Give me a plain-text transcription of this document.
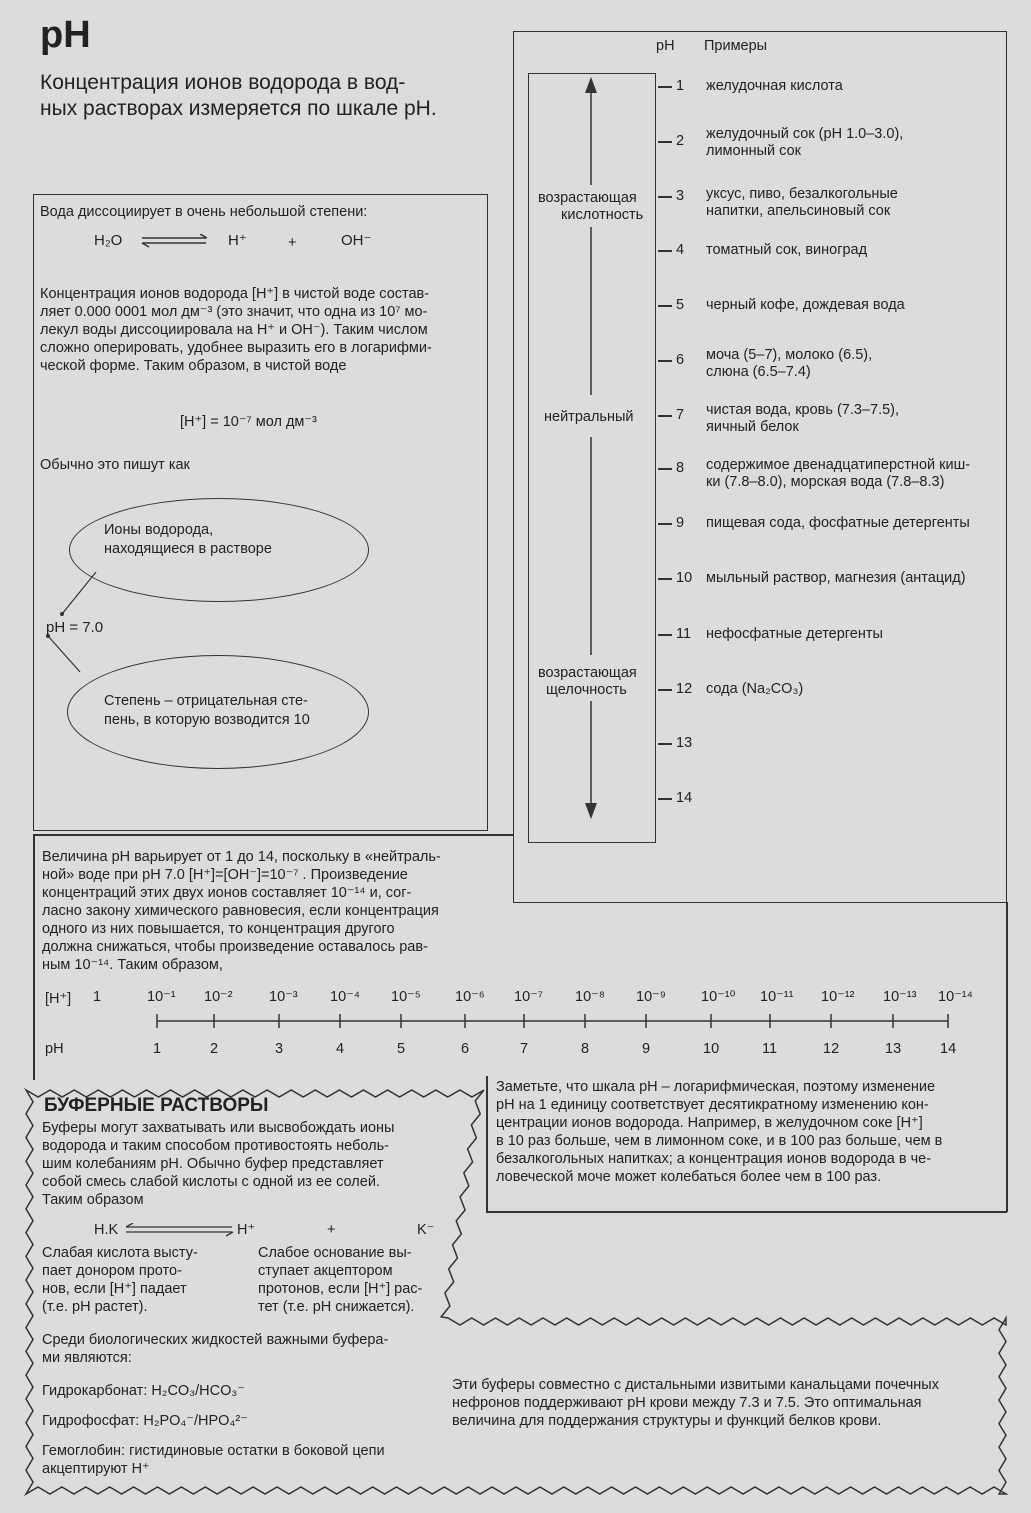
pH
Концентрация ионов водорода в вод-
ных растворах измеряется по шкале pH.
Вода диссоциирует в очень небольшой степени:
H₂O	H⁺	+	OH⁻
Концентрация ионов водорода [H⁺] в чистой воде состав-
ляет 0.000 0001 мол дм⁻³ (это значит, что одна из 10⁷ мо-
лекул воды диссоциировала на H⁺ и OH⁻). Таким числом
сложно оперировать, удобнее выразить его в логарифми-
ческой форме. Таким образом, в чистой воде
[H⁺] = 10⁻⁷ мол дм⁻³
Обычно это пишут как
Ионы водорода,
находящиеся в растворе
pH = 7.0
Степень – отрицательная сте-
пень, в которую возводится 10
pH Примеры
возрастающая
кислотность
нейтральный
возрастающая
щелочность
1 желудочная кислота
2 желудочный сок (pH 1.0–3.0),
лимонный сок
3 уксус, пиво, безалкогольные
напитки, апельсиновый сок
4 томатный сок, виноград
5 черный кофе, дождевая вода
6 моча (5–7), молоко (6.5),
слюна (6.5–7.4)
7 чистая вода, кровь (7.3–7.5),
яичный белок
8 содержимое двенадцатиперстной киш-
ки (7.8–8.0), морская вода (7.8–8.3)
9 пищевая сода, фосфатные детергенты
10 мыльный раствор, магнезия (антацид)
11 нефосфатные детергенты
12 сода (Na₂CO₃)
13
14
Величина pH варьирует от 1 до 14, поскольку в «нейтраль-
ной» воде при pH 7.0 [H⁺]=[OH⁻]=10⁻⁷ . Произведение
концентраций этих двух ионов составляет 10⁻¹⁴ и, сог-
ласно закону химического равновесия, если концентрация
одного из них повышается, то концентрация другого
должна снижаться, чтобы произведение оставалось рав-
ным 10⁻¹⁴. Таким образом,
[H⁺]
pH
1	10⁻¹ 10⁻²	10⁻³ 10⁻⁴ 10⁻⁵ 10⁻⁶ 10⁻⁷ 10⁻⁸ 10⁻⁹ 10⁻¹⁰ 10⁻¹¹ 10⁻¹² 10⁻¹³ 10⁻¹⁴
1	2	3	4	5	6	7	8	9	10	11	12	13	14
Заметьте, что шкала pH – логарифмическая, поэтому изменение
pH на 1 единицу соответствует десятикратному изменению кон-
центрации ионов водорода. Например, в желудочном соке [H⁺]
в 10 раз больше, чем в лимонном соке, и в 100 раз больше, чем в
безалкогольных напитках; а концентрация ионов водорода в че-
ловеческой моче может колебаться более чем в 100 раз.
БУФЕРНЫЕ РАСТВОРЫ
Буферы могут захватывать или высвобождать ионы
водорода и таким способом противостоять неболь-
шим колебаниям pH. Обычно буфер представляет
собой смесь слабой кислоты с одной из ее солей.
Таким образом
H.K	H⁺	+	K⁻
Слабая кислота высту-
пает донором прото-
нов, если [H⁺] падает
(т.е. pH растет).
Слабое основание вы-
ступает акцептором
протонов, если [H⁺] рас-
тет (т.е. pH снижается).
Среди биологических жидкостей важными буфера-
ми являются:
Гидрокарбонат: H₂CO₃/HCO₃⁻
Гидрофосфат: H₂PO₄⁻/HPO₄²⁻
Гемоглобин: гистидиновые остатки в боковой цепи
акцептируют H⁺
Эти буферы совместно с дистальными извитыми канальцами почечных
нефронов поддерживают pH крови между 7.3 и 7.5. Это оптимальная
величина для поддержания структуры и функций белков крови.
